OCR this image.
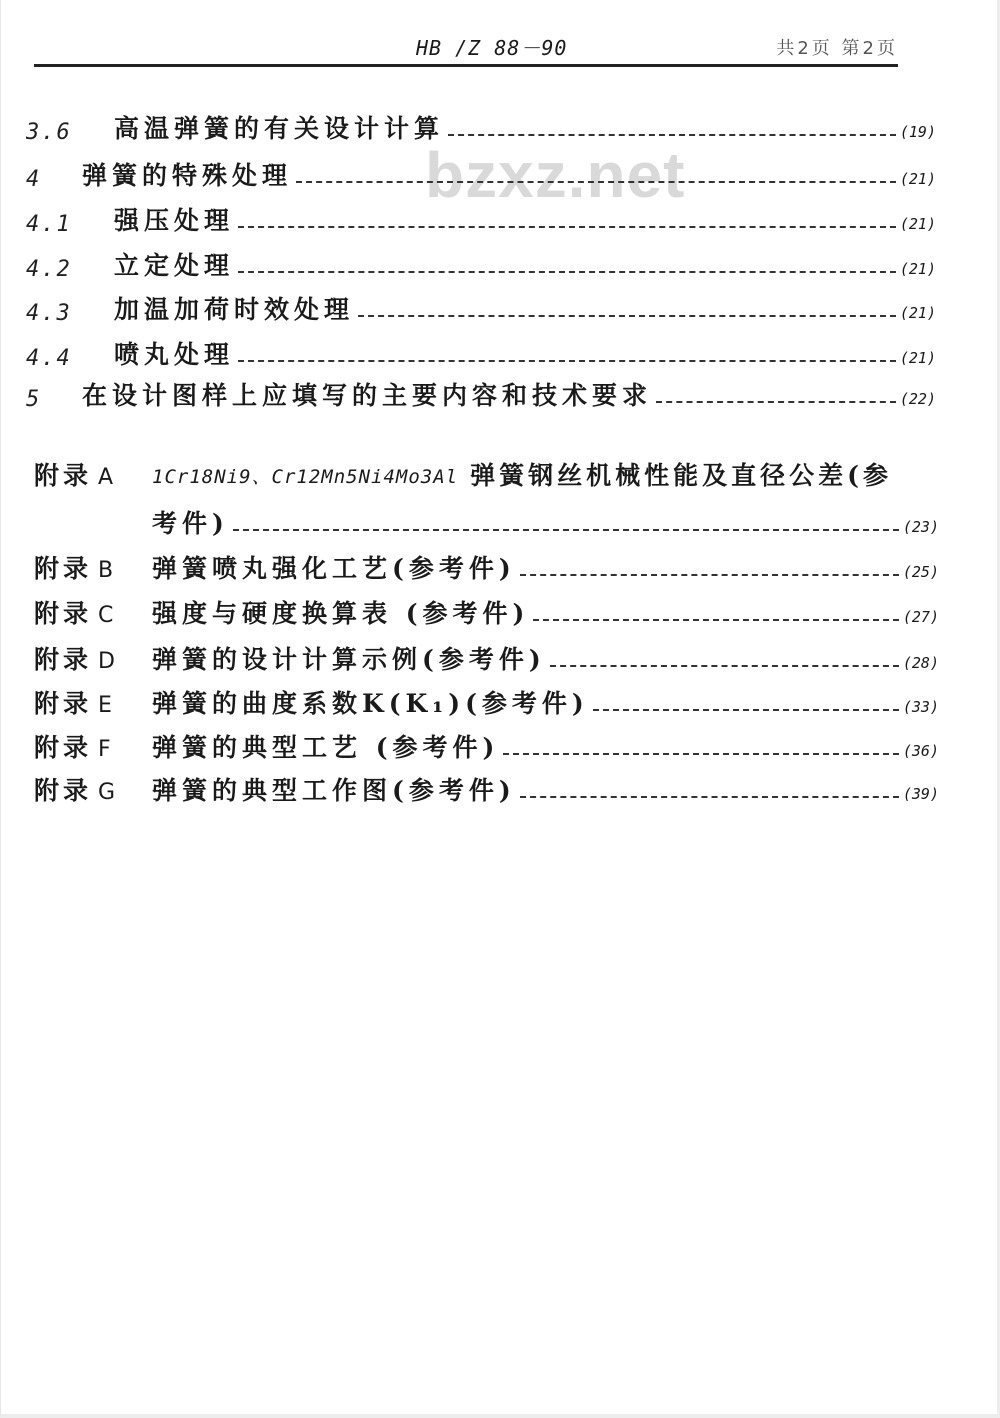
HB /Z 88－90	共2页 第2页
bzxz.net
3.6	高温弹簧的有关设计计算	(19)
4	弹簧的特殊处理	(21)
4.1	强压处理	(21)
4.2	立定处理	(21)
4.3	加温加荷时效处理	(21)
4.4	喷丸处理	(21)
5	在设计图样上应填写的主要内容和技术要求	(22)
附录 A	1Cr18Ni9、Cr12Mn5Ni4Mo3Al 弹簧钢丝机械性能及直径公差(参
考件)	(23)
附录 B	弹簧喷丸强化工艺(参考件)	(25)
附录 C	强度与硬度换算表 (参考件)	(27)
附录 D	弹簧的设计计算示例(参考件)	(28)
附录 E	弹簧的曲度系数K(K₁)(参考件)	(33)
附录 F	弹簧的典型工艺 (参考件)	(36)
附录 G	弹簧的典型工作图(参考件)	(39)
